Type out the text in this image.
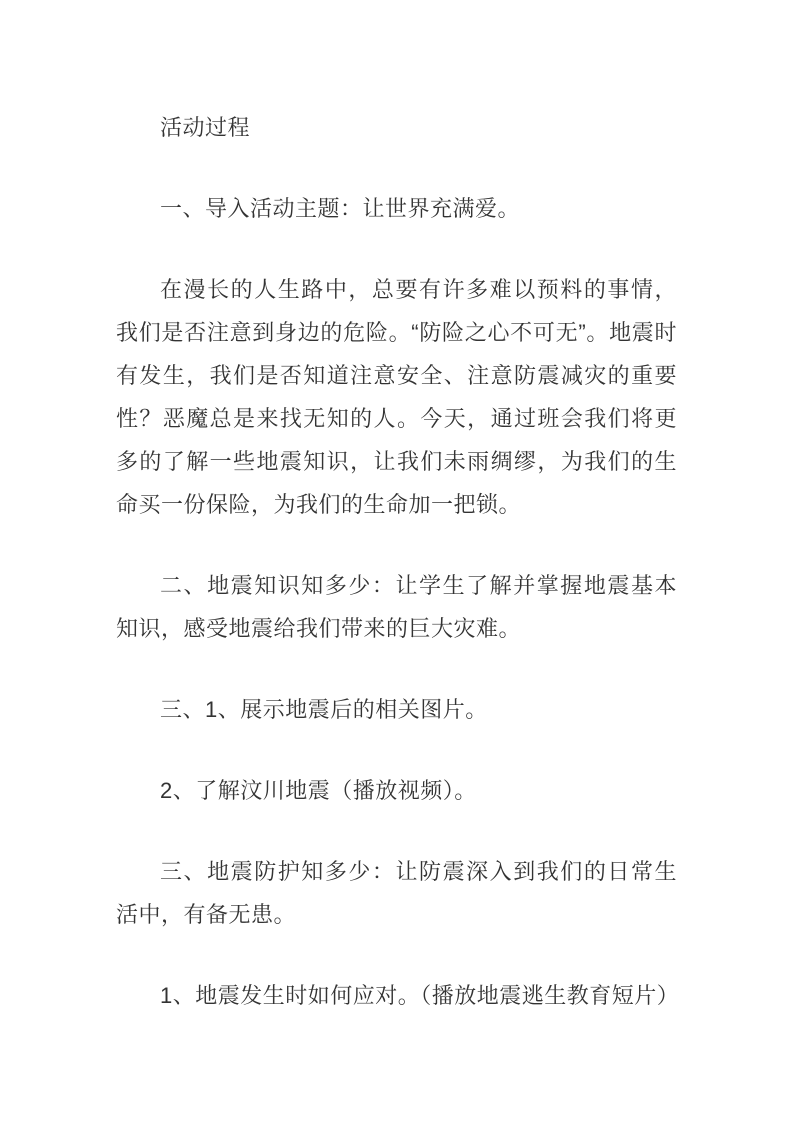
活动过程

一、导入活动主题：让世界充满爱。

在漫长的人生路中，总要有许多难以预料的事情，我们是否注意到身边的危险。“防险之心不可无”。地震时有发生，我们是否知道注意安全、注意防震减灾的重要性？恶魔总是来找无知的人。今天，通过班会我们将更多的了解一些地震知识，让我们未雨绸缪，为我们的生命买一份保险，为我们的生命加一把锁。

二、地震知识知多少：让学生了解并掌握地震基本知识，感受地震给我们带来的巨大灾难。

三、1、展示地震后的相关图片。

2、了解汶川地震（播放视频）。

三、地震防护知多少：让防震深入到我们的日常生活中，有备无患。

1、地震发生时如何应对。（播放地震逃生教育短片）
